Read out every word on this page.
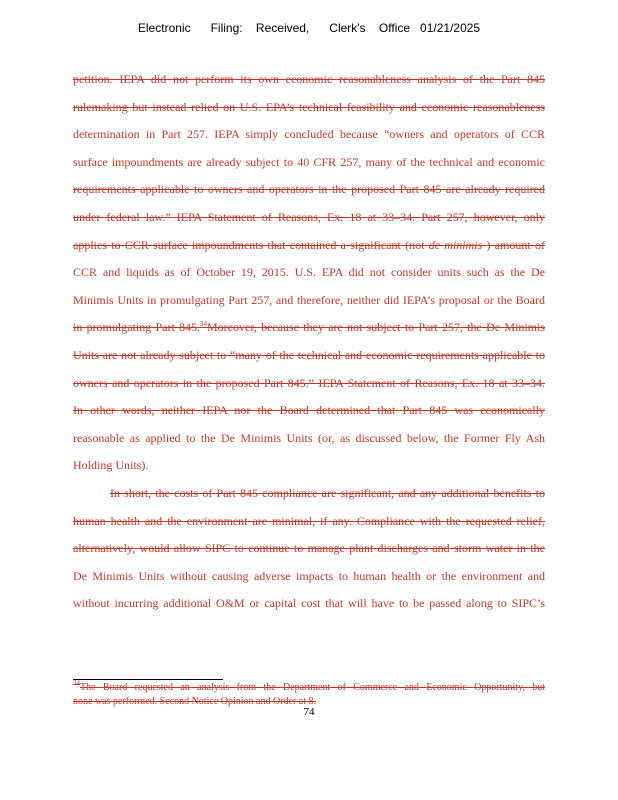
Electronic      Filing:    Received,      Clerk's    Office   01/21/2025
petition. IEPA did not perform its own economic reasonableness analysis of the Part 845
rulemaking but instead relied on U.S. EPA’s technical feasibility and economic reasonableness
determination in Part 257. IEPA simply concluded because “owners and operators of CCR
surface impoundments are already subject to 40 CFR 257, many of the technical and economic
requirements applicable to owners and operators in the proposed Part 845 are already required
under federal law.” IEPA Statement of Reasons, Ex. 18 at 33–34. Part 257, however, only
applies to CCR surface impoundments that contained a significant (not de minimis ) amount of
CCR and liquids as of October 19, 2015. U.S. EPA did not consider units such as the De
Minimis Units in promulgating Part 257, and therefore, neither did IEPA’s proposal or the Board
in promulgating Part 845.34Moreover, because they are not subject to Part 257, the De Minimis
Units are not already subject to “many of the technical and economic requirements applicable to
owners and operators in the proposed Part 845.” IEPA Statement of Reasons, Ex. 18 at 33–34.
In other words, neither IEPA nor the Board determined that Part 845 was economically
reasonable as applied to the De Minimis Units (or, as discussed below, the Former Fly Ash
Holding Units).
In short, the costs of Part 845 compliance are significant, and any additional benefits to
human health and the environment are minimal, if any. Compliance with the requested relief,
alternatively, would allow SIPC to continue to manage plant discharges and storm water in the
De Minimis Units without causing adverse impacts to human health or the environment and
without incurring additional O&M or capital cost that will have to be passed along to SIPC’s
$^{34}$The Board requested an analysis from the Department of Commerce and Economic Opportunity, but
none was performed. Second Notice Opinion and Order at 8.
74
